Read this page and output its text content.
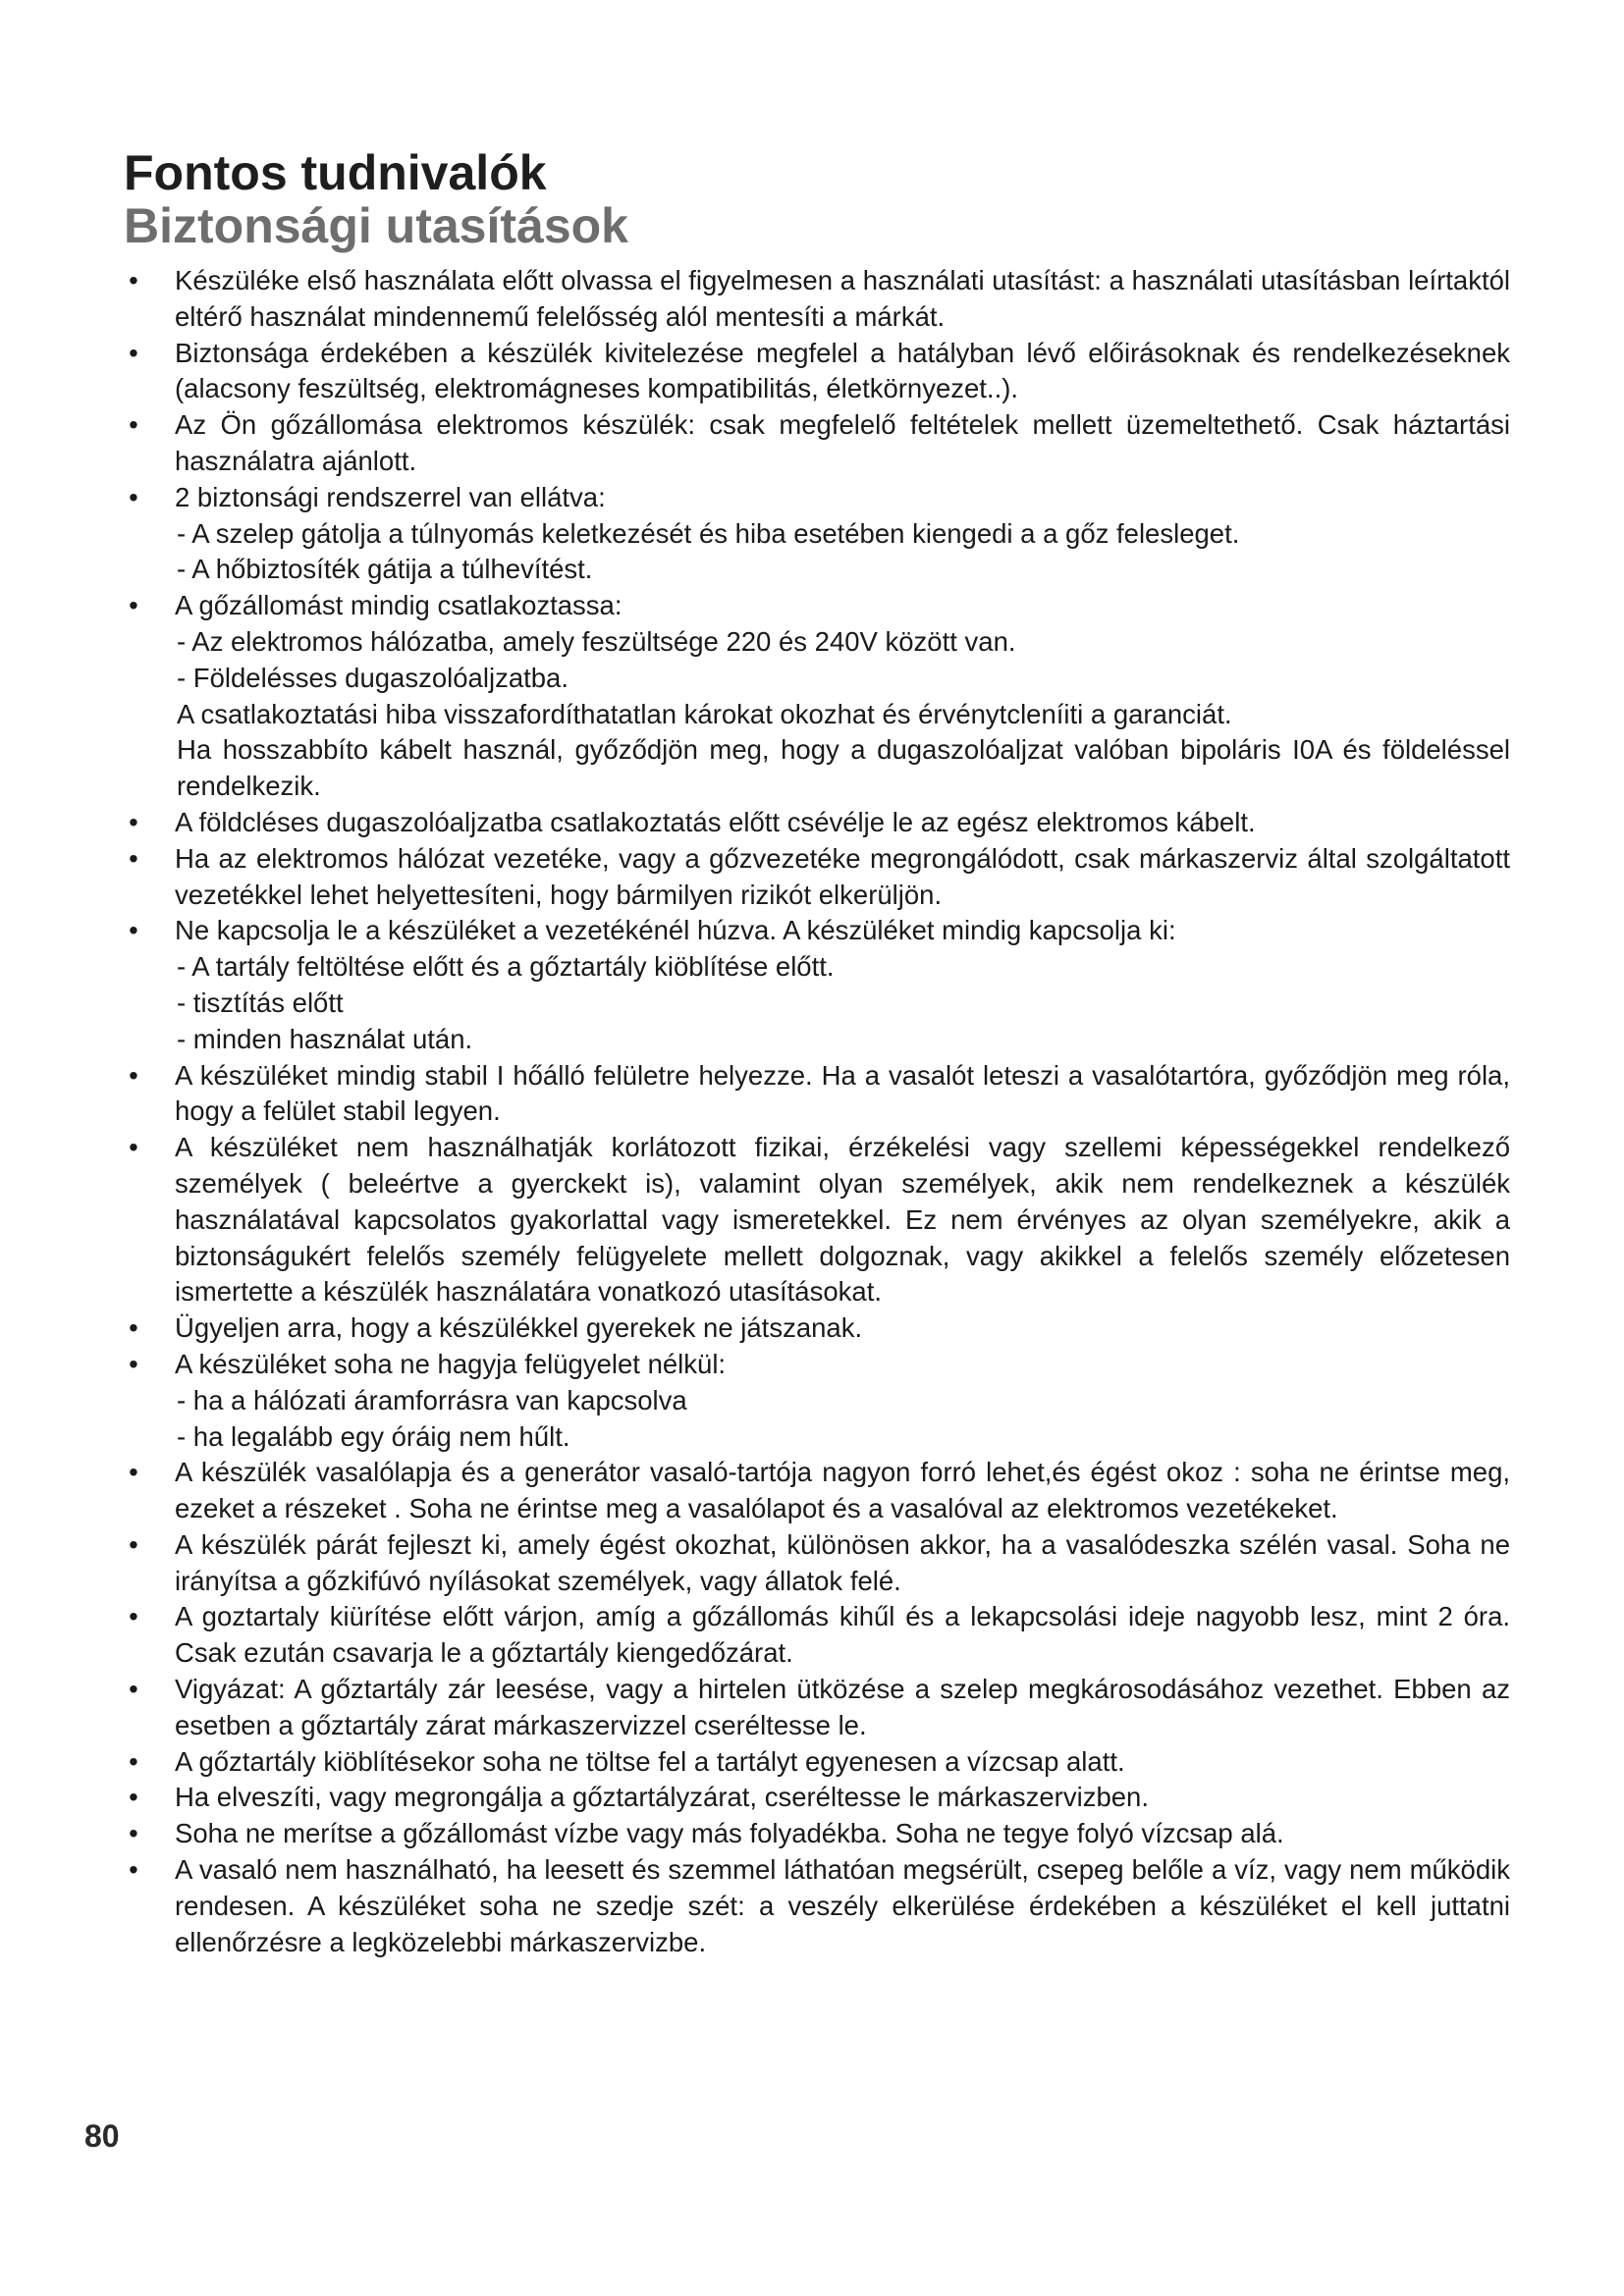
Fontos tudnivalók
Biztonsági utasítások
• Készüléke első használata előtt olvassa el figyelmesen a használati utasítást: a használati utasításban leírtaktól eltérő használat mindennemű felelősség alól mentesíti a márkát.
• Biztonsága érdekében a készülék kivitelezése megfelel a hatályban lévő előirásoknak és rendelkezéseknek (alacsony feszültség, elektromágneses kompatibilitás, életkörnyezet..).
• Az Ön gőzállomása elektromos készülék: csak megfelelő feltételek mellett üzemeltethető. Csak háztartási használatra ajánlott.
• 2 biztonsági rendszerrel van ellátva:
- A szelep gátolja a túlnyomás keletkezését és hiba esetében kiengedi a a gőz felesleget.
- A hőbiztosíték gátija a túlhevítést.
• A gőzállomást mindig csatlakoztassa:
- Az elektromos hálózatba, amely feszültsége 220 és 240V között van.
- Földelésses dugaszolóaljzatba.
A csatlakoztatási hiba visszafordíthatatlan károkat okozhat és érvénytcleníiti a garanciát.
Ha hosszabbíto kábelt használ, győződjön meg, hogy a dugaszolóaljzat valóban bipoláris I0A és földeléssel rendelkezik.
• A földcléses dugaszolóaljzatba csatlakoztatás előtt csévélje le az egész elektromos kábelt.
• Ha az elektromos hálózat vezetéke, vagy a gőzvezetéke megrongálódott, csak márkaszerviz által szolgáltatott vezetékkel lehet helyettesíteni, hogy bármilyen rizikót elkerüljön.
• Ne kapcsolja le a készüléket a vezetékénél húzva. A készüléket mindig kapcsolja ki:
- A tartály feltöltése előtt és a gőztartály kiöblítése előtt.
- tisztítás előtt
- minden használat után.
• A készüléket mindig stabil I hőálló felületre helyezze. Ha a vasalót leteszi a vasalótartóra, győződjön meg róla, hogy a felület stabil legyen.
• A készüléket nem használhatják korlátozott fizikai, érzékelési vagy szellemi képességekkel rendelkező személyek ( beleértve a gyerckekt is), valamint olyan személyek, akik nem rendelkeznek a készülék használatával kapcsolatos gyakorlattal vagy ismeretekkel. Ez nem érvényes az olyan személyekre, akik a biztonságukért felelős személy felügyelete mellett dolgoznak, vagy akikkel a felelős személy előzetesen ismertette a készülék használatára vonatkozó utasításokat.
• Ügyeljen arra, hogy a készülékkel gyerekek ne játszanak.
• A készüléket soha ne hagyja felügyelet nélkül:
- ha a hálózati áramforrásra van kapcsolva
- ha legalább egy óráig nem hűlt.
• A készülék vasalólapja és a generátor vasaló-tartója nagyon forró lehet,és égést okoz : soha ne érintse meg, ezeket a részeket . Soha ne érintse meg a vasalólapot és a vasalóval az elektromos vezetékeket.
• A készülék párát fejleszt ki, amely égést okozhat, különösen akkor, ha a vasalódeszka szélén vasal. Soha ne irányítsa a gőzkifúvó nyílásokat személyek, vagy állatok felé.
• A goztartaly kiürítése előtt várjon, amíg a gőzállomás kihűl és a lekapcsolási ideje nagyobb lesz, mint 2 óra. Csak ezután csavarja le a gőztartály kiengedőzárat.
• Vigyázat: A gőztartály zár leesése, vagy a hirtelen ütközése a szelep megkárosodásához vezethet. Ebben az esetben a gőztartály zárat márkaszervizzel cseréltesse le.
• A gőztartály kiöblítésekor soha ne töltse fel a tartályt egyenesen a vízcsap alatt.
• Ha elveszíti, vagy megrongálja a gőztartályzárat, cseréltesse le márkaszervizben.
• Soha ne merítse a gőzállomást vízbe vagy más folyadékba. Soha ne tegye folyó vízcsap alá.
• A vasaló nem használható, ha leesett és szemmel láthatóan megsérült, csepeg belőle a víz, vagy nem működik rendesen. A készüléket soha ne szedje szét: a veszély elkerülése érdekében a készüléket el kell juttatni ellenőrzésre a legközelebbi márkaszervizbe.
80
